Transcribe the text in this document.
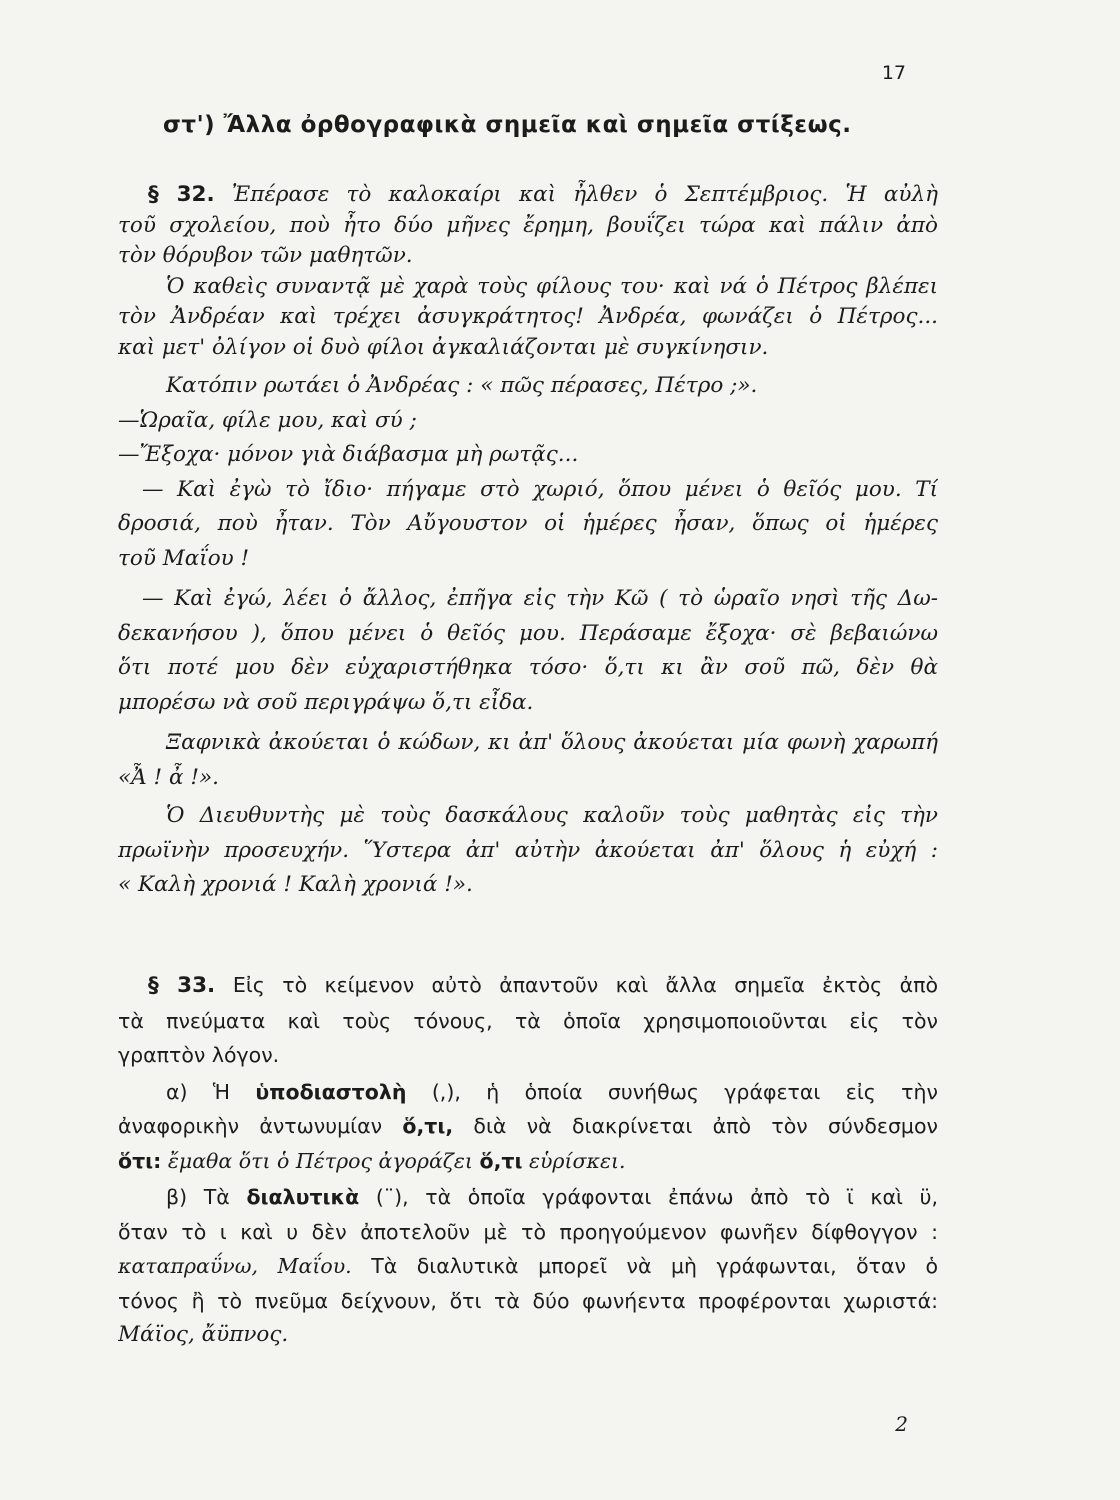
17
στ') Ἄλλα ὀρθογραφικὰ σημεῖα καὶ σημεῖα στίξεως.
§ 32. Ἐπέρασε τὸ καλοκαίρι καὶ ἦλθεν ὁ Σεπτέμβριος. Ἡ αὐλὴ
τοῦ σχολείου, ποὺ ἦτο δύο μῆνες ἔρημη, βουΐζει τώρα καὶ πάλιν ἀπὸ
τὸν θόρυβον τῶν μαθητῶν.
Ὁ καθεὶς συναντᾷ μὲ χαρὰ τοὺς φίλους του· καὶ νά ὁ Πέτρος βλέπει
τὸν Ἀνδρέαν καὶ τρέχει ἀσυγκράτητος! Ἀνδρέα, φωνάζει ὁ Πέτρος...
καὶ μετ' ὀλίγον οἱ δυὸ φίλοι ἀγκαλιάζονται μὲ συγκίνησιν.
Κατόπιν ρωτάει ὁ Ἀνδρέας : « πῶς πέρασες, Πέτρο ;».
—Ὡραῖα, φίλε μου, καὶ σύ ;
—Ἔξοχα· μόνον γιὰ διάβασμα μὴ ρωτᾷς...
— Καὶ ἐγὼ τὸ ἴδιο· πήγαμε στὸ χωριό, ὅπου μένει ὁ θεῖός μου. Τί
δροσιά, ποὺ ἦταν. Τὸν Αὔγουστον οἱ ἡμέρες ἦσαν, ὅπως οἱ ἡμέρες
τοῦ Μαΐου !
— Καὶ ἐγώ, λέει ὁ ἄλλος, ἐπῆγα εἰς τὴν Κῶ ( τὸ ὡραῖο νησὶ τῆς Δω-
δεκανήσου ), ὅπου μένει ὁ θεῖός μου. Περάσαμε ἔξοχα· σὲ βεβαιώνω
ὅτι ποτέ μου δὲν εὐχαριστήθηκα τόσο· ὅ,τι κι ἂν σοῦ πῶ, δὲν θὰ
μπορέσω νὰ σοῦ περιγράψω ὅ,τι εἶδα.
Ξαφνικὰ ἀκούεται ὁ κώδων, κι ἀπ' ὅλους ἀκούεται μία φωνὴ χαρωπή
«Ἆ ! ἆ !».
Ὁ Διευθυντὴς μὲ τοὺς δασκάλους καλοῦν τοὺς μαθητὰς εἰς τὴν
πρωϊνὴν προσευχήν. Ὕστερα ἀπ' αὐτὴν ἀκούεται ἀπ' ὅλους ἡ εὐχή :
« Καλὴ χρονιά ! Καλὴ χρονιά !».
§ 33. Εἰς τὸ κείμενον αὐτὸ ἀπαντοῦν καὶ ἄλλα σημεῖα ἐκτὸς ἀπὸ
τὰ πνεύματα καὶ τοὺς τόνους, τὰ ὁποῖα χρησιμοποιοῦνται εἰς τὸν
γραπτὸν λόγον.
α) Ἡ ὑποδιαστολὴ (,), ἡ ὁποία συνήθως γράφεται εἰς τὴν
ἀναφορικὴν ἀντωνυμίαν ὅ,τι, διὰ νὰ διακρίνεται ἀπὸ τὸν σύνδεσμον
ὅτι: ἔμαθα ὅτι ὁ Πέτρος ἀγοράζει ὅ,τι εὑρίσκει.
β) Τὰ διαλυτικὰ (¨), τὰ ὁποῖα γράφονται ἐπάνω ἀπὸ τὸ ϊ καὶ ϋ,
ὅταν τὸ ι καὶ υ δὲν ἀποτελοῦν μὲ τὸ προηγούμενον φωνῆεν δίφθογγον :
καταπραΰνω, Μαΐου. Τὰ διαλυτικὰ μπορεῖ νὰ μὴ γράφωνται, ὅταν ὁ
τόνος ἢ τὸ πνεῦμα δείχνουν, ὅτι τὰ δύο φωνήεντα προφέρονται χωριστά:
Μάϊος, ἄϋπνος.
2
